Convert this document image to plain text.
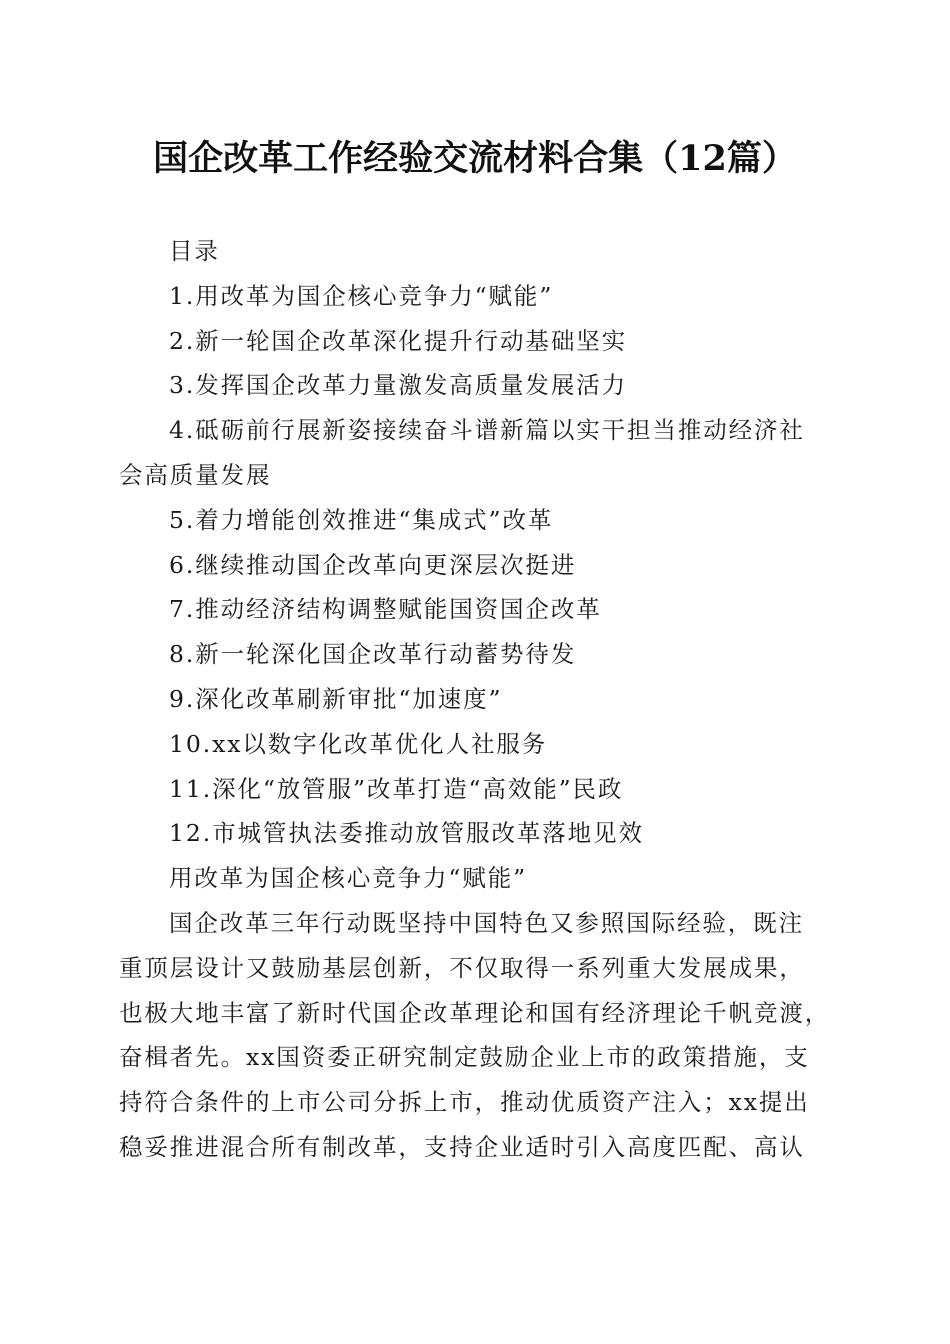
国企改革工作经验交流材料合集（12篇）
目录
1.用改革为国企核心竞争力“赋能”
2.新一轮国企改革深化提升行动基础坚实
3.发挥国企改革力量激发高质量发展活力
4.砥砺前行展新姿接续奋斗谱新篇以实干担当推动经济社
会高质量发展
5.着力增能创效推进“集成式”改革
6.继续推动国企改革向更深层次挺进
7.推动经济结构调整赋能国资国企改革
8.新一轮深化国企改革行动蓄势待发
9.深化改革刷新审批“加速度”
10.xx以数字化改革优化人社服务
11.深化“放管服”改革打造“高效能”民政
12.市城管执法委推动放管服改革落地见效
用改革为国企核心竞争力“赋能”
国企改革三年行动既坚持中国特色又参照国际经验，既注
重顶层设计又鼓励基层创新，不仅取得一系列重大发展成果，
也极大地丰富了新时代国企改革理论和国有经济理论千帆竞渡，
奋楫者先。xx国资委正研究制定鼓励企业上市的政策措施，支
持符合条件的上市公司分拆上市，推动优质资产注入；xx提出
稳妥推进混合所有制改革，支持企业适时引入高度匹配、高认
